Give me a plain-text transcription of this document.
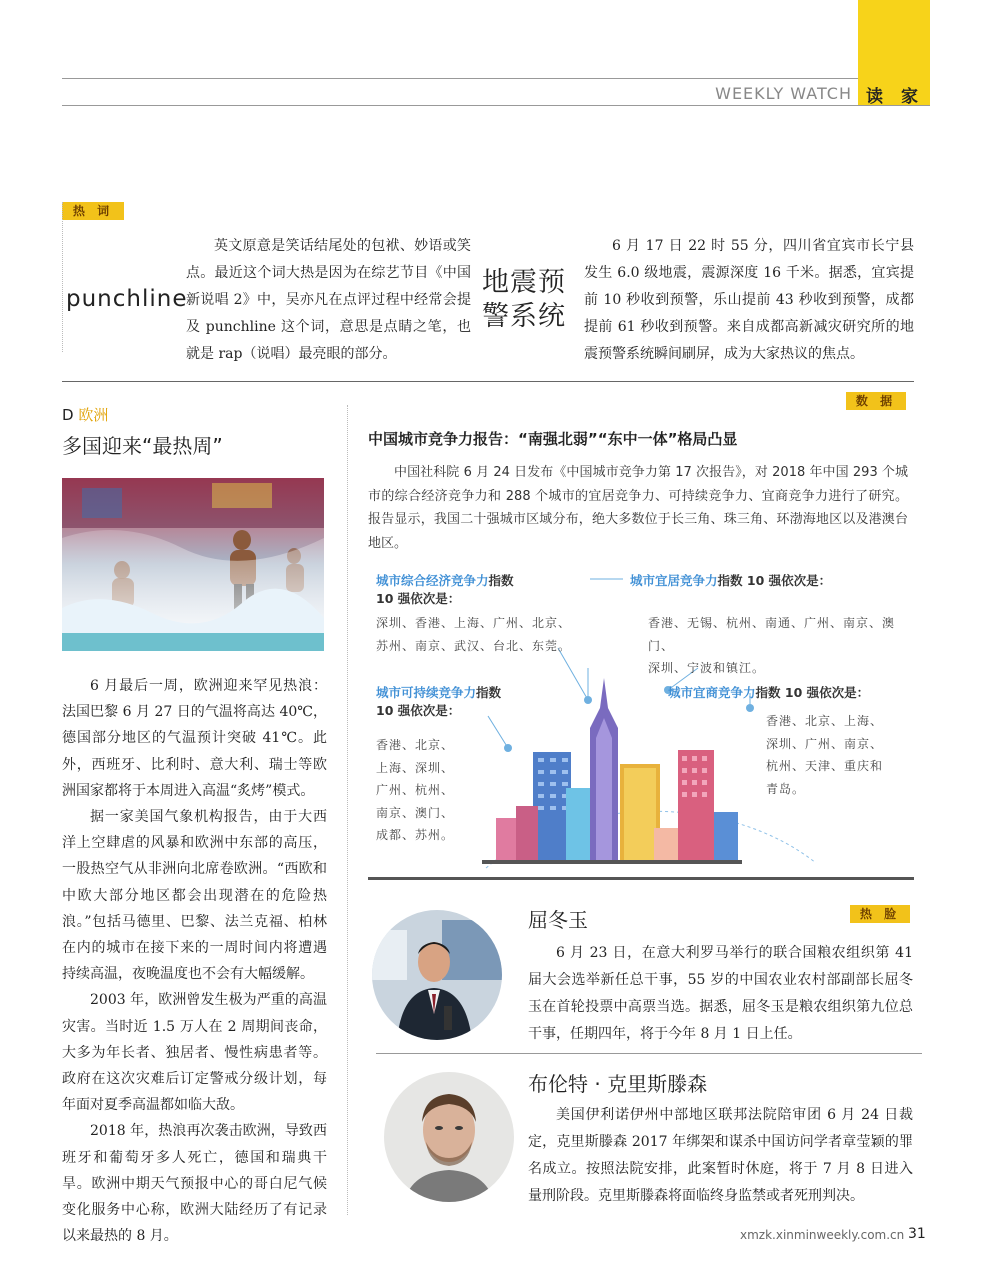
WEEKLY WATCH 读 家
热 词
punchline
英文原意是笑话结尾处的包袱、妙语或笑点。最近这个词大热是因为在综艺节目《中国新说唱 2》中，吴亦凡在点评过程中经常会提及 punchline 这个词，意思是点睛之笔，也就是 rap（说唱）最亮眼的部分。
地震预警系统
6 月 17 日 22 时 55 分，四川省宜宾市长宁县发生 6.0 级地震，震源深度 16 千米。据悉，宜宾提前 10 秒收到预警，乐山提前 43 秒收到预警，成都提前 61 秒收到预警。来自成都高新减灾研究所的地震预警系统瞬间刷屏，成为大家热议的焦点。
D 欧洲
多国迎来“最热周”

6 月最后一周，欧洲迎来罕见热浪：法国巴黎 6 月 27 日的气温将高达 40℃，德国部分地区的气温预计突破 41℃。此外，西班牙、比利时、意大利、瑞士等欧洲国家都将于本周进入高温“炙烤”模式。

据一家美国气象机构报告，由于大西洋上空肆虐的风暴和欧洲中东部的高压，一股热空气从非洲向北席卷欧洲。“西欧和中欧大部分地区都会出现潜在的危险热浪。”包括马德里、巴黎、法兰克福、柏林在内的城市在接下来的一周时间内将遭遇持续高温，夜晚温度也不会有大幅缓解。

2003 年，欧洲曾发生极为严重的高温灾害。当时近 1.5 万人在 2 周期间丧命，大多为年长者、独居者、慢性病患者等。政府在这次灾难后订定警戒分级计划，每年面对夏季高温都如临大敌。

2018 年，热浪再次袭击欧洲，导致西班牙和葡萄牙多人死亡，德国和瑞典干旱。欧洲中期天气预报中心的哥白尼气候变化服务中心称，欧洲大陆经历了有记录以来最热的 8 月。

数 据
中国城市竞争力报告：“南强北弱”“东中一体”格局凸显
中国社科院 6 月 24 日发布《中国城市竞争力第 17 次报告》，对 2018 年中国 293 个城市的综合经济竞争力和 288 个城市的宜居竞争力、可持续竞争力、宜商竞争力进行了研究。报告显示，我国二十强城市区域分布，绝大多数位于长三角、珠三角、环渤海地区以及港澳台地区。
城市综合经济竞争力指数
10 强依次是：
深圳、香港、上海、广州、北京、
苏州、南京、武汉、台北、东莞。
城市宜居竞争力指数 10 强依次是：
香港、无锡、杭州、南通、广州、南京、澳门、
深圳、宁波和镇江。
城市可持续竞争力指数
10 强依次是：
香港、北京、
上海、深圳、
广州、杭州、
南京、澳门、
成都、苏州。
城市宜商竞争力指数 10 强依次是：
香港、北京、上海、
深圳、广州、南京、
杭州、天津、重庆和
青岛。
热 脸
屈冬玉
6 月 23 日，在意大利罗马举行的联合国粮农组织第 41 届大会选举新任总干事，55 岁的中国农业农村部副部长屈冬玉在首轮投票中高票当选。据悉，屈冬玉是粮农组织第九位总干事，任期四年，将于今年 8 月 1 日上任。
布伦特 · 克里斯滕森
美国伊利诺伊州中部地区联邦法院陪审团 6 月 24 日裁定，克里斯滕森 2017 年绑架和谋杀中国访问学者章莹颖的罪名成立。按照法院安排，此案暂时休庭，将于 7 月 8 日进入量刑阶段。克里斯滕森将面临终身监禁或者死刑判决。
xmzk.xinminweekly.com.cn 31
